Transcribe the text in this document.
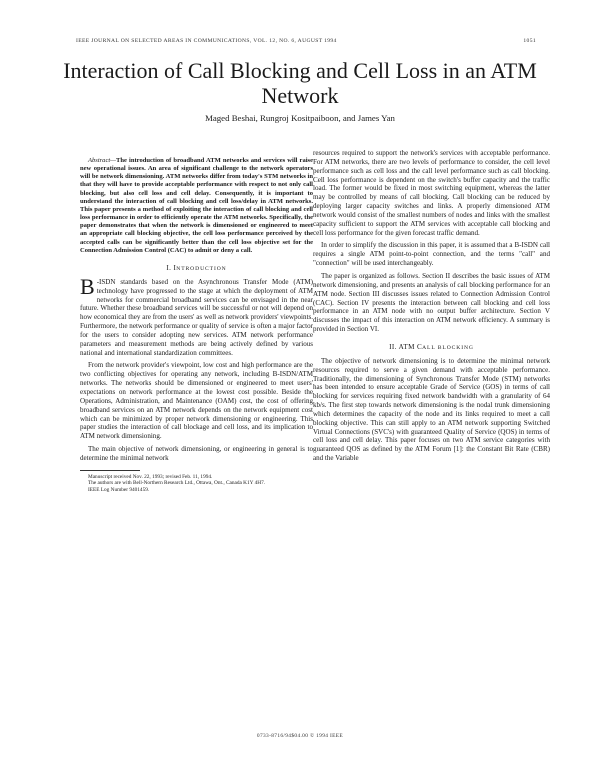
IEEE JOURNAL ON SELECTED AREAS IN COMMUNICATIONS, VOL. 12, NO. 6, AUGUST 1994	1051
Interaction of Call Blocking and Cell Loss in an ATM Network
Maged Beshai, Rungroj Kositpaiboon, and James Yan

Abstract—The introduction of broadband ATM networks and services will raise new operational issues. An area of significant challenge to the network operators will be network dimensioning. ATM networks differ from today's STM networks in that they will have to provide acceptable performance with respect to not only call blocking, but also cell loss and cell delay. Consequently, it is important to understand the interaction of call blocking and cell loss/delay in ATM networks. This paper presents a method of exploiting the interaction of call blocking and cell loss performance in order to efficiently operate the ATM networks. Specifically, the paper demonstrates that when the network is dimensioned or engineered to meet an appropriate call blocking objective, the cell loss performance perceived by the accepted calls can be significantly better than the cell loss objective set for the Connection Admission Control (CAC) to admit or deny a call.

I. INTRODUCTION

B -ISDN standards based on the Asynchronous Transfer Mode (ATM) technology have progressed to the stage at which the deployment of ATM networks for commercial broadband services can be envisaged in the near future. Whether these broadband services will be successful or not will depend on how economical they are from the users' as well as network providers' viewpoints. Furthermore, the network performance or quality of service is often a major factor for the users to consider adopting new services. ATM network performance parameters and measurement methods are being actively defined by various national and international standardization committees.

From the network provider's viewpoint, low cost and high performance are the two conflicting objectives for operating any network, including B-ISDN/ATM networks. The networks should be dimensioned or engineered to meet users' expectations on network performance at the lowest cost possible. Beside the Operations, Administration, and Maintenance (OAM) cost, the cost of offering broadband services on an ATM network depends on the network equipment cost which can be minimized by proper network dimensioning or engineering. This paper studies the interaction of call blockage and cell loss, and its implication to ATM network dimensioning.

The main objective of network dimensioning, or engineering in general is to determine the minimal network

Manuscript received Nov. 22, 1993; revised Feb. 11, 1994.

The authors are with Bell-Northern Research Ltd., Ottawa, Ont., Canada K1Y 4H7.

IEEE Log Number 9401459.

resources required to support the network's services with acceptable performance. For ATM networks, there are two levels of performance to consider, the cell level performance such as cell loss and the call level performance such as call blocking. Cell loss performance is dependent on the switch's buffer capacity and the traffic load. The former would be fixed in most switching equipment, whereas the latter may be controlled by means of call blocking. Call blocking can be reduced by deploying larger capacity switches and links. A properly dimensioned ATM network would consist of the smallest numbers of nodes and links with the smallest capacity sufficient to support the ATM services with acceptable call blocking and cell loss performance for the given forecast traffic demand.

In order to simplify the discussion in this paper, it is assumed that a B-ISDN call requires a single ATM point-to-point connection, and the terms "call" and "connection" will be used interchangeably.

The paper is organized as follows. Section II describes the basic issues of ATM network dimensioning, and presents an analysis of call blocking performance for an ATM node. Section III discusses issues related to Connection Admission Control (CAC). Section IV presents the interaction between call blocking and cell loss performance in an ATM node with no output buffer architecture. Section V discusses the impact of this interaction on ATM network efficiency. A summary is provided in Section VI.

II. ATM CALL BLOCKING

The objective of network dimensioning is to determine the minimal network resources required to serve a given demand with acceptable performance. Traditionally, the dimensioning of Synchronous Transfer Mode (STM) networks has been intended to ensure acceptable Grade of Service (GOS) in terms of call blocking for services requiring fixed network bandwidth with a granularity of 64 kb/s. The first step towards network dimensioning is the nodal trunk dimensioning which determines the capacity of the node and its links required to meet a call blocking objective. This can still apply to an ATM network supporting Switched Virtual Connections (SVC's) with guaranteed Quality of Service (QOS) in terms of cell loss and cell delay. This paper focuses on two ATM service categories with guaranteed QOS as defined by the ATM Forum [1]: the Constant Bit Rate (CBR) and the Variable

0733-8716/94$04.00 © 1994 IEEE
